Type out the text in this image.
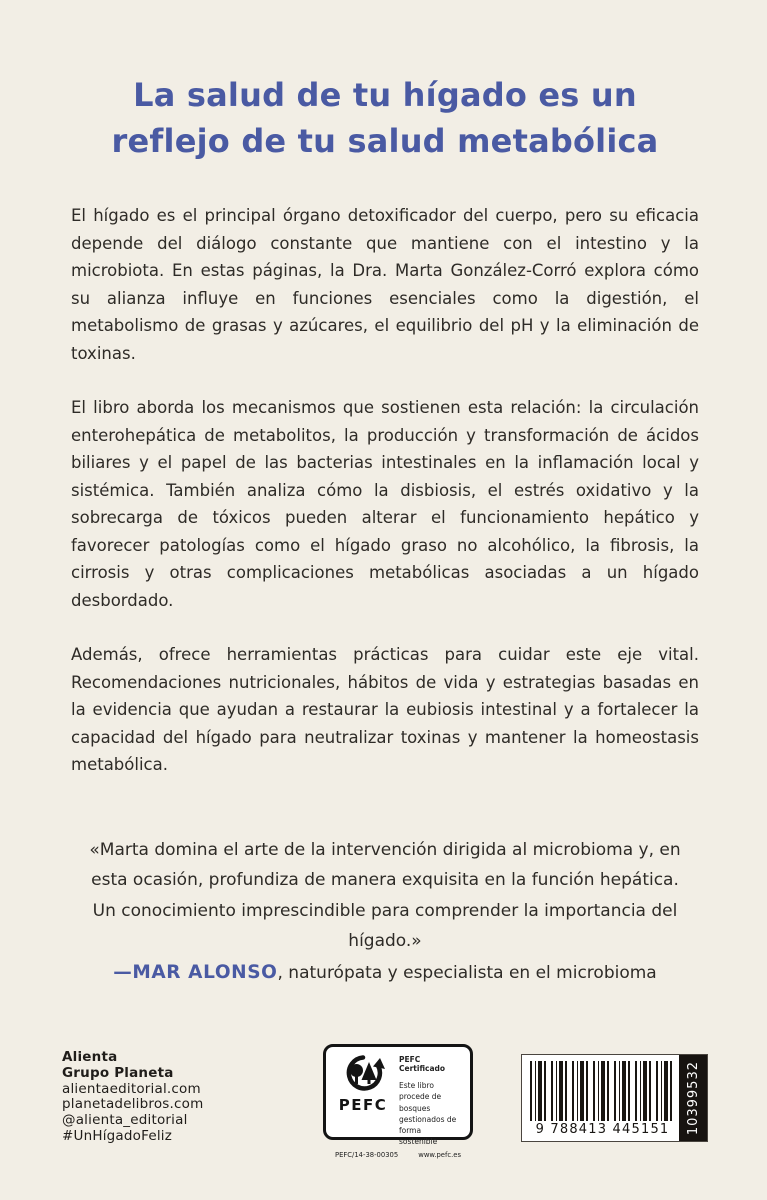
La salud de tu hígado es un
reflejo de tu salud metabólica

El hígado es el principal órgano detoxificador del cuerpo, pero su eficacia depende del diálogo constante que mantiene con el intestino y la microbiota. En estas páginas, la Dra. Marta González-Corró explora cómo su alianza influye en funciones esenciales como la digestión, el metabolismo de grasas y azúcares, el equilibrio del pH y la eliminación de toxinas.

El libro aborda los mecanismos que sostienen esta relación: la circulación enterohepática de metabolitos, la producción y transformación de ácidos biliares y el papel de las bacterias intestinales en la inflamación local y sistémica. También analiza cómo la disbiosis, el estrés oxidativo y la sobrecarga de tóxicos pueden alterar el funcionamiento hepático y favorecer patologías como el hígado graso no alcohólico, la fibrosis, la cirrosis y otras complicaciones metabólicas asociadas a un hígado desbordado.

Además, ofrece herramientas prácticas para cuidar este eje vital. Recomendaciones nutricionales, hábitos de vida y estrategias basadas en la evidencia que ayudan a restaurar la eubiosis intestinal y a fortalecer la capacidad del hígado para neutralizar toxinas y mantener la homeostasis metabólica.

«Marta domina el arte de la intervención dirigida al microbioma y, en esta ocasión, profundiza de manera exquisita en la función hepática. Un conocimiento imprescindible para comprender la importancia del hígado.»
—MAR ALONSO, naturópata y especialista en el microbioma
Alienta
Grupo Planeta
alientaeditorial.com
planetadelibros.com
@alienta_editorial
#UnHígadoFeliz
PEFC
PEFC Certificado
Este libro procede de bosques gestionados de forma sostenible
PEFC/14-38-00305	www.pefc.es
9 788413 445151	10399532
